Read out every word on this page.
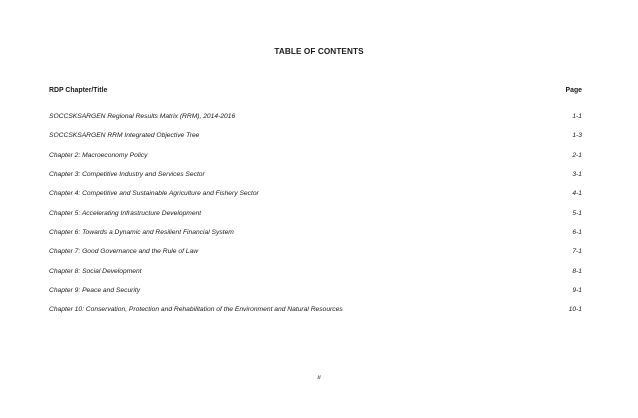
TABLE OF CONTENTS
RDP Chapter/Title	Page
SOCCSKSARGEN Regional Results Matrix (RRM), 2014-2016	1-1
SOCCSKSARGEN RRM Integrated Objective Tree	1-3
Chapter 2: Macroeconomy Policy	2-1
Chapter 3: Competitive Industry and Services Sector	3-1
Chapter 4: Competitive and Sustainable Agriculture and Fishery Sector	4-1
Chapter 5: Accelerating Infrastructure Development	5-1
Chapter 6: Towards a Dynamic and Resilient Financial System	6-1
Chapter 7: Good Governance and the Rule of Law	7-1
Chapter 8: Social Development	8-1
Chapter 9: Peace and Security	9-1
Chapter 10: Conservation, Protection and Rehabilitation of the Environment and Natural Resources	10-1
ii
